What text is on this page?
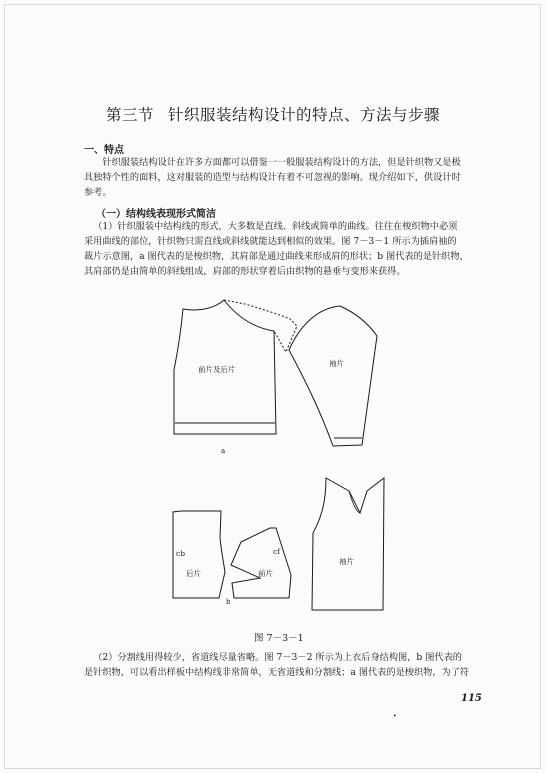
第三节 针织服装结构设计的特点、方法与步骤
一、特点
针织服装结构设计在许多方面都可以借鉴一一般服装结构设计的方法，但是针织物又是极
具独特个性的面料，这对服装的造型与结构设计有着不可忽视的影响。现介绍如下，供设计时
参考。
（一）结构线表现形式简洁
（1）针织服装中结构线的形式，大多数是直线、斜线或简单的曲线。往往在梭织物中必须
采用曲线的部位，针织物只需直线或斜线就能达到相似的效果。图 7－3－1 所示为插肩袖的
裁片示意图，a 图代表的是梭织物，其肩部是通过曲线来形成肩的形状；b 图代表的是针织物，
其肩部仍是由简单的斜线组成，肩部的形状穿着后由织物的悬垂与变形来获得。
前片及后片
袖片
a
cb	cf
后片	前片
袖片
b
图 7－3－1
（2）分割线用得较少，省道线尽量省略。图 7－3－2 所示为上衣后身结构图，b 图代表的
是针织物，可以看出样板中结构线非常简单，无省道线和分割线；a 图代表的是梭织物，为了符
115
•
